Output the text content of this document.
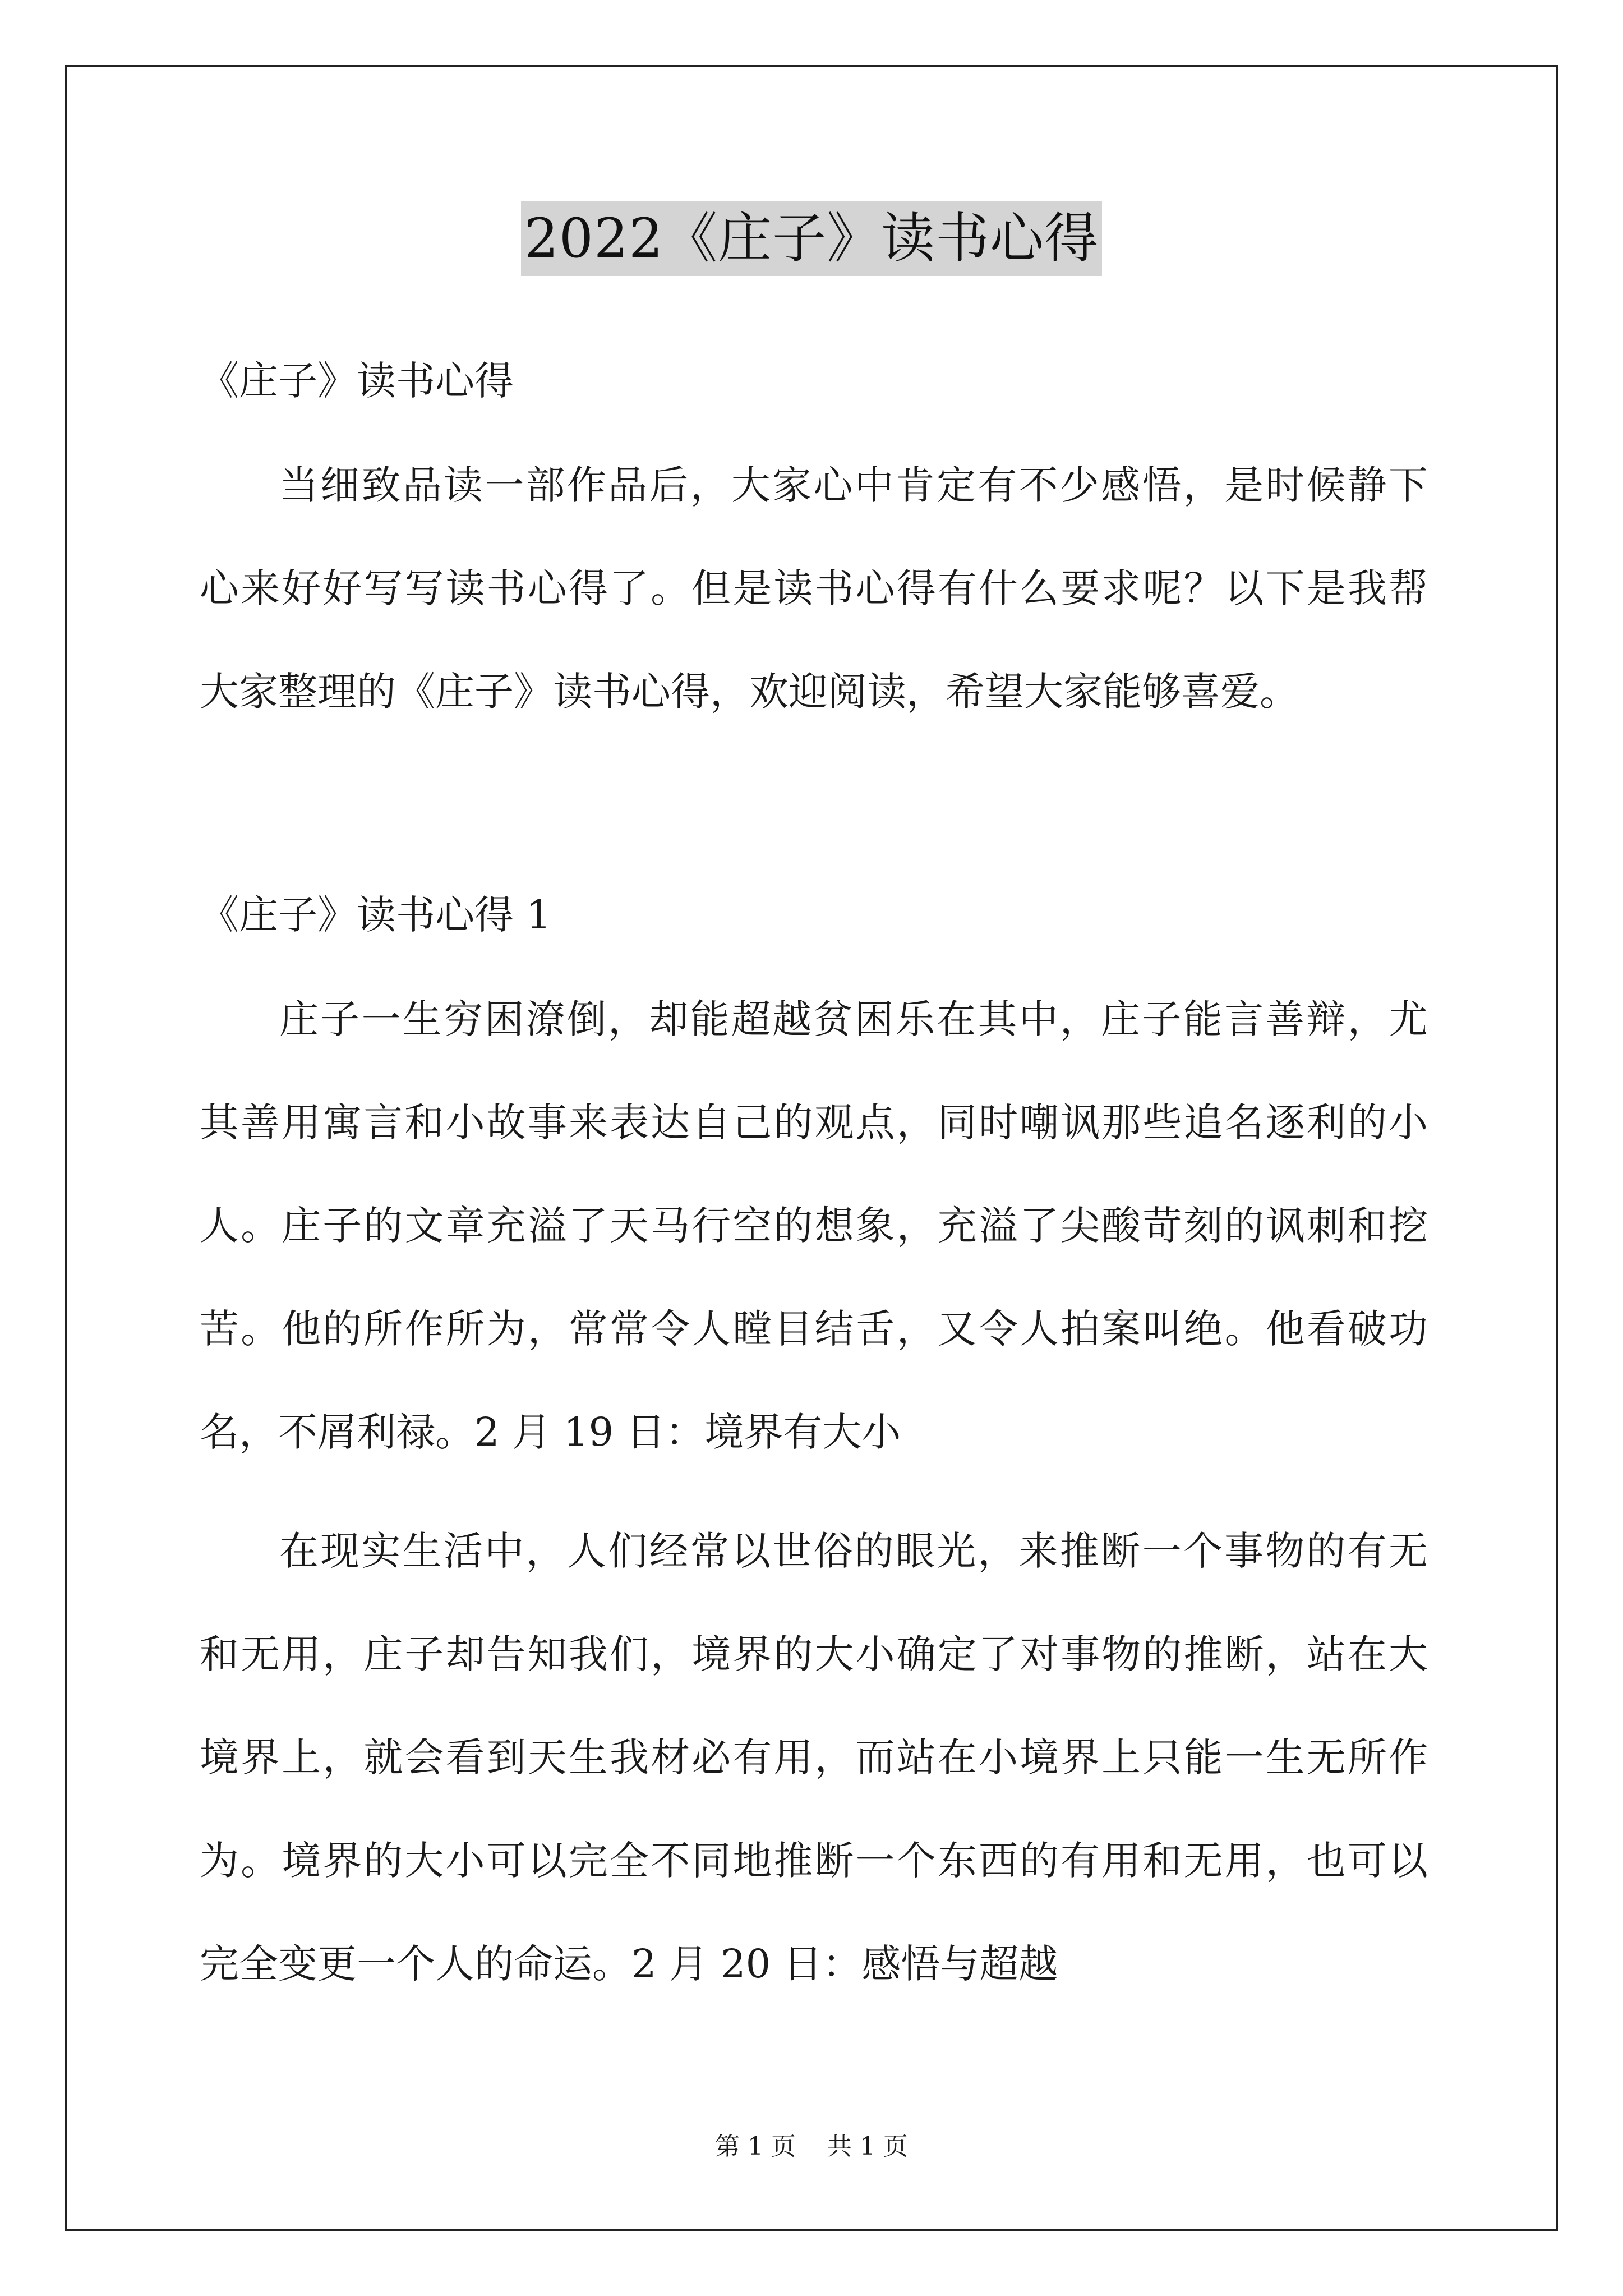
2022《庄子》读书心得
《庄子》读书心得
当细致品读一部作品后，大家心中肯定有不少感悟，是时候静下
心来好好写写读书心得了。但是读书心得有什么要求呢？以下是我帮
大家整理的《庄子》读书心得，欢迎阅读，希望大家能够喜爱。
《庄子》读书心得 1
庄子一生穷困潦倒，却能超越贫困乐在其中，庄子能言善辩，尤
其善用寓言和小故事来表达自己的观点，同时嘲讽那些追名逐利的小
人。庄子的文章充溢了天马行空的想象，充溢了尖酸苛刻的讽刺和挖
苦。他的所作所为，常常令人瞠目结舌，又令人拍案叫绝。他看破功
名，不屑利禄。2 月 19 日：境界有大小
在现实生活中，人们经常以世俗的眼光，来推断一个事物的有无
和无用，庄子却告知我们，境界的大小确定了对事物的推断，站在大
境界上，就会看到天生我材必有用，而站在小境界上只能一生无所作
为。境界的大小可以完全不同地推断一个东西的有用和无用，也可以
完全变更一个人的命运。2 月 20 日：感悟与超越
第 1 页 共 1 页
